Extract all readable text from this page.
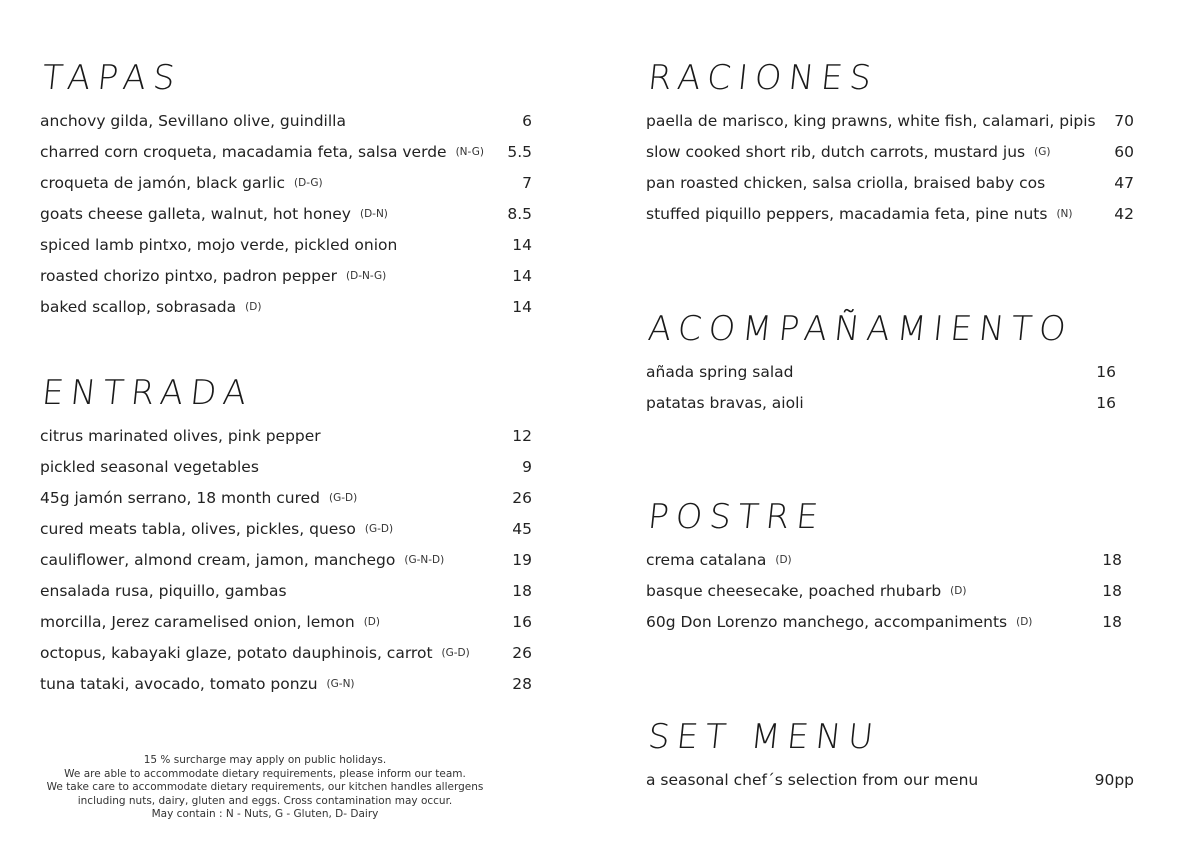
TAPAS
anchovy gilda, Sevillano olive, guindilla	6
charred corn croqueta, macadamia feta, salsa verde (N-G) 5.5
croqueta de jamón, black garlic (D-G)	7
goats cheese galleta, walnut, hot honey (D-N)	8.5
spiced lamb pintxo, mojo verde, pickled onion	14
roasted chorizo pintxo, padron pepper (D-N-G)	14
baked scallop, sobrasada (D)	14
ENTRADA
citrus marinated olives, pink pepper	12
pickled seasonal vegetables	9
45g jamón serrano, 18 month cured (G-D)	26
cured meats tabla, olives, pickles, queso (G-D)	45
cauliflower, almond cream, jamon, manchego (G-N-D)	19
ensalada rusa, piquillo, gambas	18
morcilla, Jerez caramelised onion, lemon (D)	16
octopus, kabayaki glaze, potato dauphinois, carrot (G-D)	26
tuna tataki, avocado, tomato ponzu (G-N)	28
15 % surcharge may apply on public holidays.
We are able to accommodate dietary requirements, please inform our team.
We take care to accommodate dietary requirements, our kitchen handles allergens
including nuts, dairy, gluten and eggs. Cross contamination may occur.
May contain : N - Nuts, G - Gluten, D- Dairy
RACIONES
paella de marisco, king prawns, white fish, calamari, pipis 70
slow cooked short rib, dutch carrots, mustard jus (G)	60
pan roasted chicken, salsa criolla, braised baby cos	47
stuffed piquillo peppers, macadamia feta, pine nuts (N)	42
ACOMPAÑAMIENTO
añada spring salad	16
patatas bravas, aioli	16
POSTRE
crema catalana (D)	18
basque cheesecake, poached rhubarb (D)	18
60g Don Lorenzo manchego, accompaniments (D)	18
SET MENU
a seasonal chef´s selection from our menu	90pp
